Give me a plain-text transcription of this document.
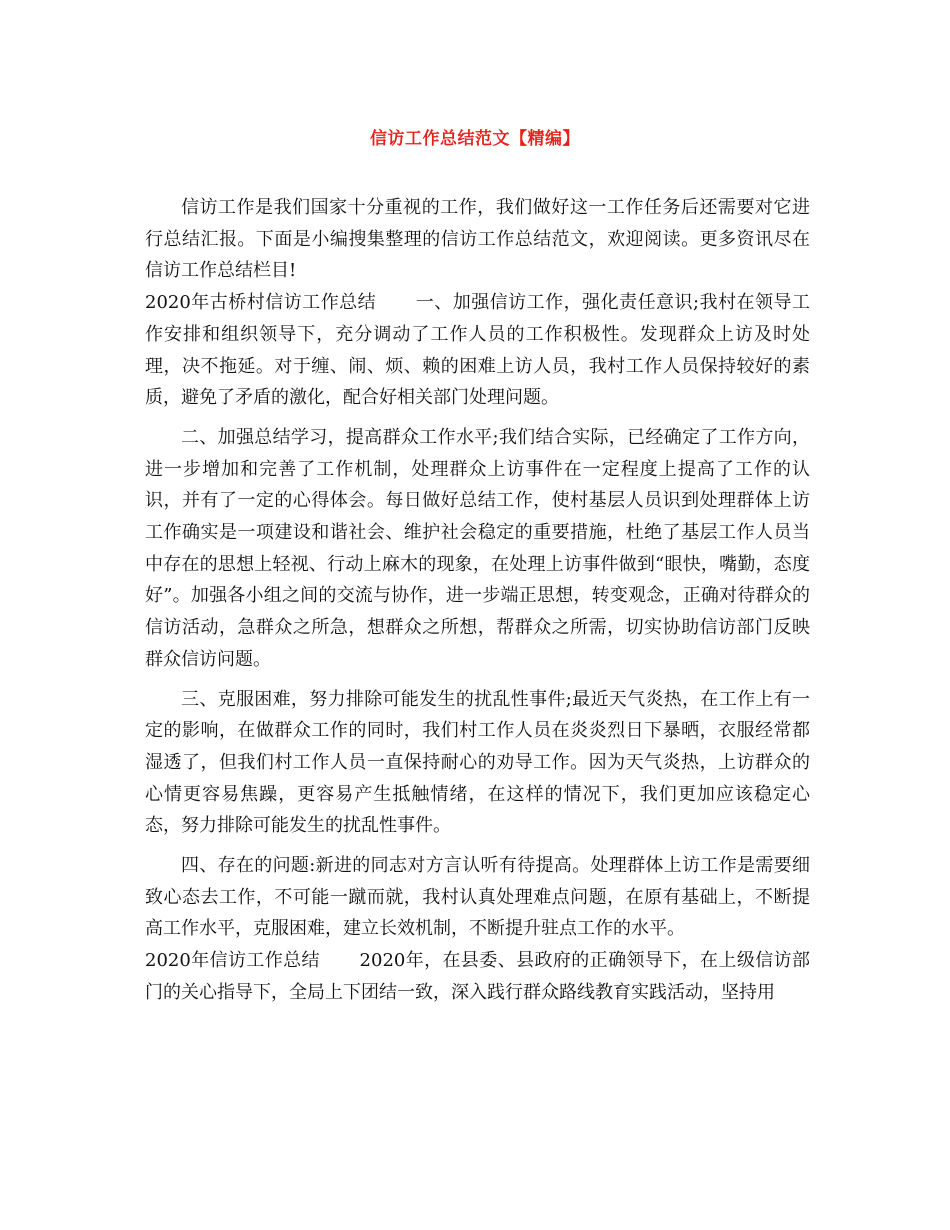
信访工作总结范文【精编】

信访工作是我们国家十分重视的工作，我们做好这一工作任务后还需要对它进行总结汇报。下面是小编搜集整理的信访工作总结范文，欢迎阅读。更多资讯尽在信访工作总结栏目!

2020年古桥村信访工作总结 一、加强信访工作，强化责任意识;我村在领导工作安排和组织领导下，充分调动了工作人员的工作积极性。发现群众上访及时处理，决不拖延。对于缠、闹、烦、赖的困难上访人员，我村工作人员保持较好的素质，避免了矛盾的激化，配合好相关部门处理问题。

二、加强总结学习，提高群众工作水平;我们结合实际，已经确定了工作方向，进一步增加和完善了工作机制，处理群众上访事件在一定程度上提高了工作的认识，并有了一定的心得体会。每日做好总结工作，使村基层人员识到处理群体上访工作确实是一项建设和谐社会、维护社会稳定的重要措施，杜绝了基层工作人员当中存在的思想上轻视、行动上麻木的现象，在处理上访事件做到“眼快，嘴勤，态度好”。加强各小组之间的交流与协作，进一步端正思想，转变观念，正确对待群众的信访活动，急群众之所急，想群众之所想，帮群众之所需，切实协助信访部门反映群众信访问题。

三、克服困难，努力排除可能发生的扰乱性事件;最近天气炎热，在工作上有一定的影响，在做群众工作的同时，我们村工作人员在炎炎烈日下暴晒，衣服经常都湿透了，但我们村工作人员一直保持耐心的劝导工作。因为天气炎热，上访群众的心情更容易焦躁，更容易产生抵触情绪，在这样的情况下，我们更加应该稳定心态，努力排除可能发生的扰乱性事件。

四、存在的问题:新进的同志对方言认听有待提高。处理群体上访工作是需要细致心态去工作，不可能一蹴而就，我村认真处理难点问题，在原有基础上，不断提高工作水平，克服困难，建立长效机制，不断提升驻点工作的水平。

2020年信访工作总结 2020年，在县委、县政府的正确领导下，在上级信访部门的关心指导下，全局上下团结一致，深入践行群众路线教育实践活动，坚持用
